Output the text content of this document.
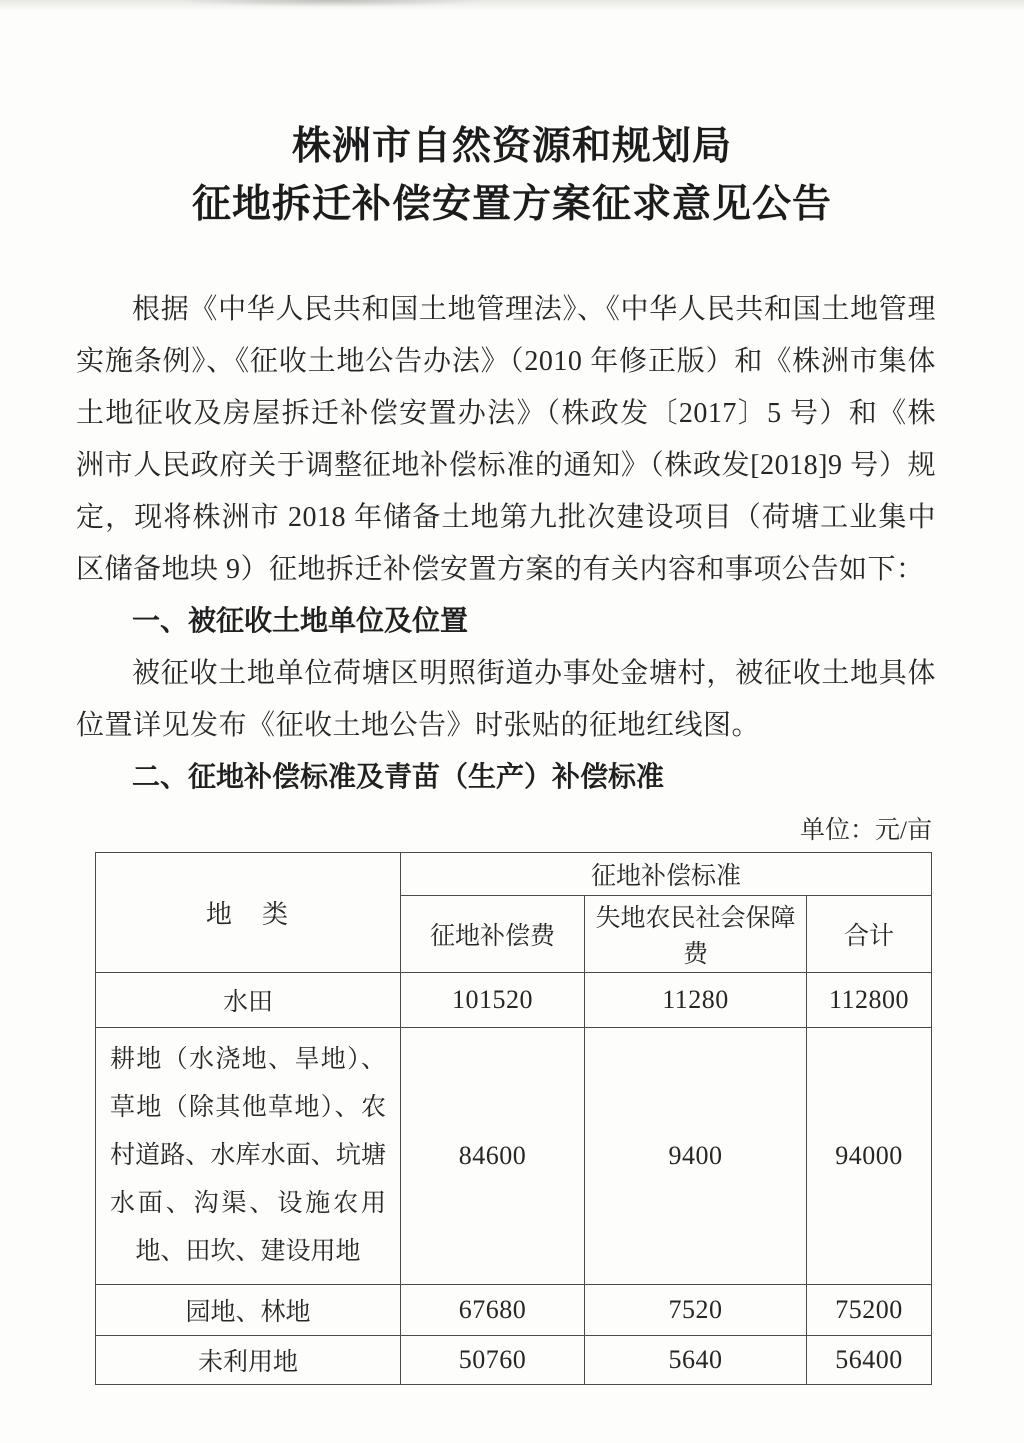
株洲市自然资源和规划局
征地拆迁补偿安置方案征求意见公告

根据《中华人民共和国土地管理法》、《中华人民共和国土地管理实施条例》、《征收土地公告办法》（2010 年修正版）和《株洲市集体土地征收及房屋拆迁补偿安置办法》（株政发〔2017〕5 号）和《株洲市人民政府关于调整征地补偿标准的通知》（株政发[2018]9 号）规定，现将株洲市 2018 年储备土地第九批次建设项目（荷塘工业集中区储备地块 9）征地拆迁补偿安置方案的有关内容和事项公告如下：

一、被征收土地单位及位置

被征收土地单位荷塘区明照街道办事处金塘村，被征收土地具体位置详见发布《征收土地公告》时张贴的征地红线图。

二、征地补偿标准及青苗（生产）补偿标准

单位：元/亩
地　类	征地补偿标准		
	征地补偿费	失地农民社会保障费	合计
水田	101520	11280	112800
耕地（水浇地、旱地）、草地（除其他草地）、农村道路、水库水面、坑塘水面、沟渠、设施农用地、田坎、建设用地	84600	9400	94000
园地、林地	67680	7520	75200
未利用地	50760	5640	56400
